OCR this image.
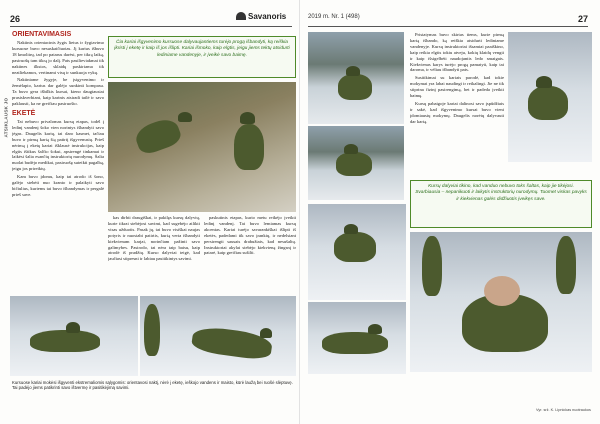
26	Savanoris
ATSIKLAUSK JO
ORIENTAVIMASIS

Naktinis orientacinis žygis lietus ir žygiavimo kursuose buvo nesuskaičiuotas. Jį karius išbuvo 18 kmolitrų, tad po patarus darėsi, per tikrą laiką, pasiruošę tam tikrą jo dalį. Pats pasilieviakmai tik naktines ilkstos, sklaidę paskiriama tik neatliekamos, vertinami visų ir sunkuoja vykų.

Naktiniame žygyje, be įsigyvenimo ir žemėlapio, karius dar galėjo sunkinti kompasu. Ta buvo gera išbilkis kursai, kieno daugiausiai prasiskverbiant, kaip karinis atsiradi tailė ir savo paklausti, ka ne greičiau pasiruošto.

EKETĖ

Tai nebuvo privalomas kursų etapas, todėl į ledinį vandenį šoko vien norintys išbandyti savo jėgas. Daugelis karių, tai daro kasmet, tačiau buvo ir pirmą kartą šią patirtį išgyvenusių. Prieš nėrimą į eketę kariai išklausė instrukcijas, kaip elgtis ištikus šalčio šokui, apsirengė tinkamai ir laikėsi šalia esančių instruktorių nurodymų. Šalia nuolat budėjo medikai, pasiruošę suteikti pagalbą, jeigu jos prireiktų.

Kam buvo įdomu, kaip tai atrodo iš šono, galėjo stebėti nuo kranto ir palaikyti savo bičiulius, kuriems tai buvo išbandymas ir pergalė prieš save.

Čia kariai išgyvenimo kursuose dalyvaujantiems turėjo progą išbandyti, ką reiškia įkristi į eketę ir kaip iš jos išlipti. Kariai išmoko, kaip elgtis, jeigu jiems tektų atsidurti lediniame vandenyje, ir įveikė savo baimę.

kas dirbti draugiškai, ir pakilęs kursų dalyvių, kurie tikrai stebėjosi savimi, kad sugebėjo atlikti visas užduotis. Pasak jų, tai buvo visiškai naujas potyris ir nuostabi patirtis, kurią verta išbandyti kiekvienam karjai, norinčiam pažinti savo galimybes. Pasirodo, tai nėra taip baisu, kaip atrodė iš pradžių. Kurso dalyviai teigė, kad jaučiasi stipresni ir labiau pasitikintys savimi.

paskutinis etapas, kurio metu reikėjo įveikti ledinį vandenį. Tai buvo lemiamas kursų akcentas. Kariai turėjo savarankiškai išlipti iš eketės, padedami tik savo įrankių, ir nedelsiant persirengti sausais drabužiais, kad nesušaltų. Instruktoriai akylai stebėjo kiekvieną žingsnį ir patarė, kaip greičiau sušilti.

Kursuose kariai mokėsi išgyventi ekstremaliomis sąlygomis: orientavosi naktį, nėrė į eketę, ieškojo vandens ir maisto, kūrė laužą bei ruošė slėptuvę. Tai padėjo jiems patikrinti savo ištvermę ir pasitikėjimą savimi.
2019 m. Nr. 1 (498)	27

Pristatymas buvo skirtas tiems, kurie pirmą kartą išbando, ką reiškia atsidurti lediniame vandenyje. Kursų instruktoriai išsamiai paaiškino, kaip reikia elgtis tokiu atveju, kokių klaidų vengti ir kaip išsigelbėti naudojantis ledo smaigais. Kiekvienas karys turėjo progą pamatyti, kaip tai daroma, ir vėliau išbandyti pats.

Susitikimai su kariais parodė, kad tokie mokymai yra labai naudingi ir reikalingi. Jie ne tik stiprina fizinį pasirengimą, bet ir padeda įveikti baimę.

Kursų pabaigoje kariai dalinosi savo įspūdžiais ir sakė, kad išgyvenimo kursai buvo vieni įdomiausių mokymų. Daugelis norėtų dalyvauti dar kartą.

Kursų dalyviai tikino, kad vanduo nebuvo toks šaltas, kaip jie tikėjosi. Svarbiausia – nepanikuoti ir laikytis instruktorių nurodymų. Tuomet viskas pavyks ir kiekvienas galės didžiuotis įveikęs save.
Vyr. srž. K. Lipnickas nuotraukos
